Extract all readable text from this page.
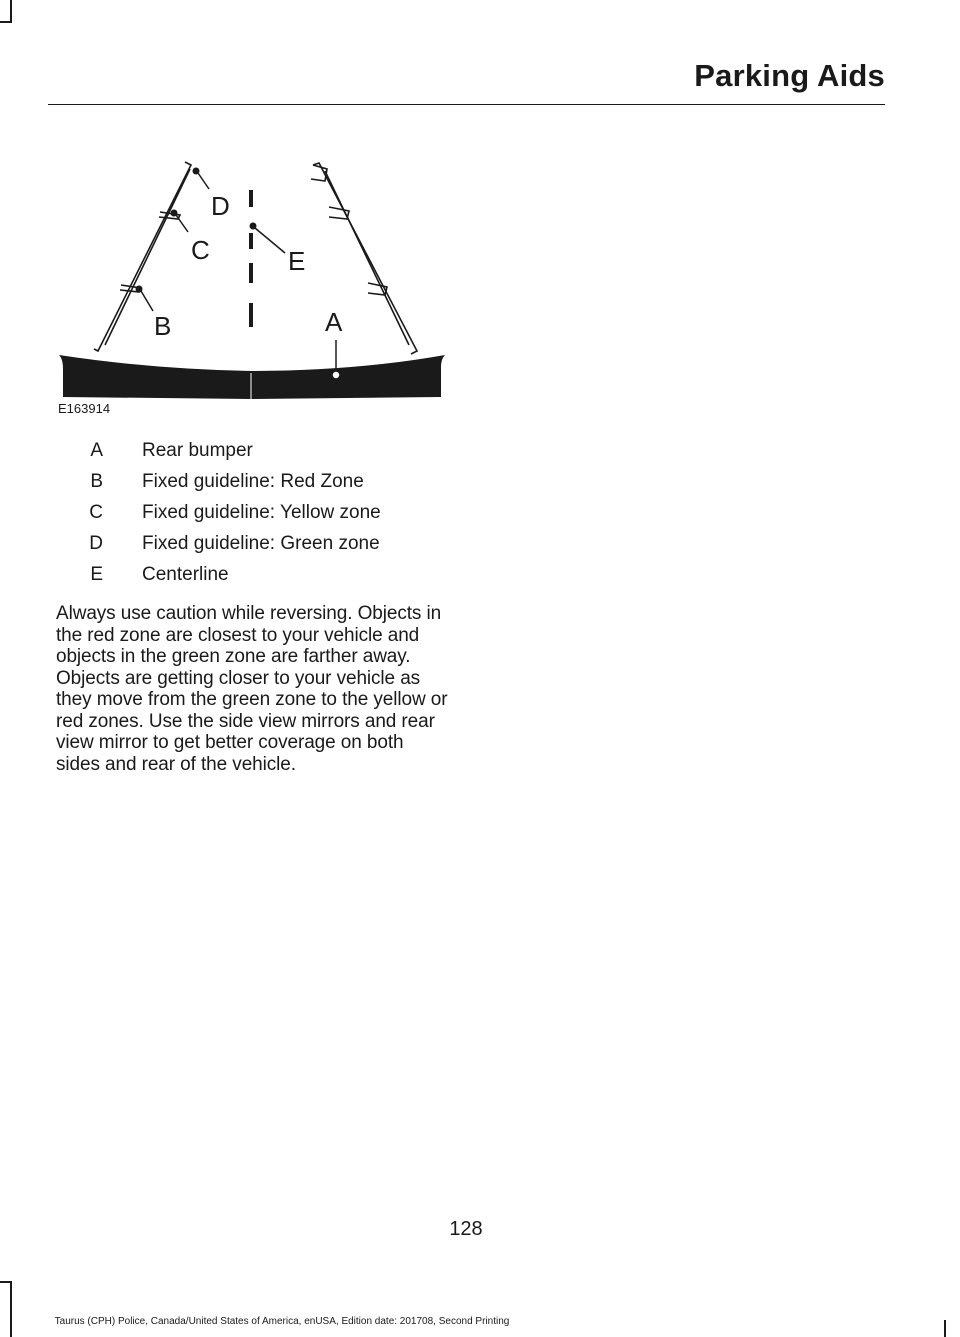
Parking Aids
D
C	E
B	A
E163914
A Rear bumper
B Fixed guideline: Red Zone
C Fixed guideline: Yellow zone
D Fixed guideline: Green zone
E Centerline

Always use caution while reversing. Objects in the red zone are closest to your vehicle and objects in the green zone are farther away. Objects are getting closer to your vehicle as they move from the green zone to the yellow or red zones. Use the side view mirrors and rear view mirror to get better coverage on both sides and rear of the vehicle.

128
Taurus (CPH) Police, Canada/United States of America, enUSA, Edition date: 201708, Second Printing
